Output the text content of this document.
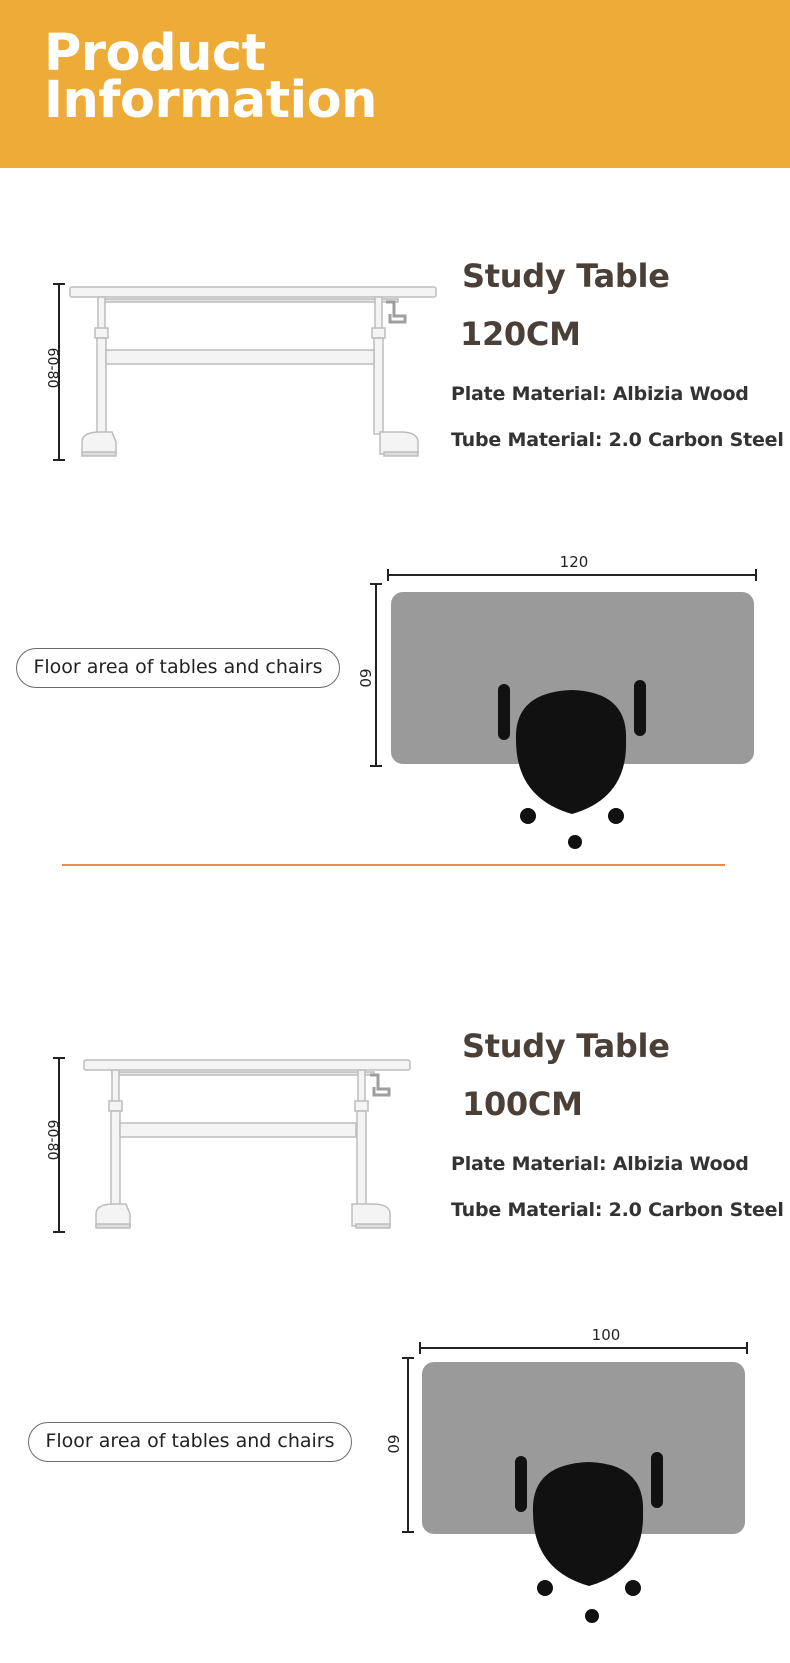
Product
Information
60-80
Study Table
120CM

Plate Material: Albizia Wood

Tube Material: 2.0 Carbon Steel

Floor area of tables and chairs
120
60
60-80
Study Table
100CM

Plate Material: Albizia Wood

Tube Material: 2.0 Carbon Steel

Floor area of tables and chairs
100
60
